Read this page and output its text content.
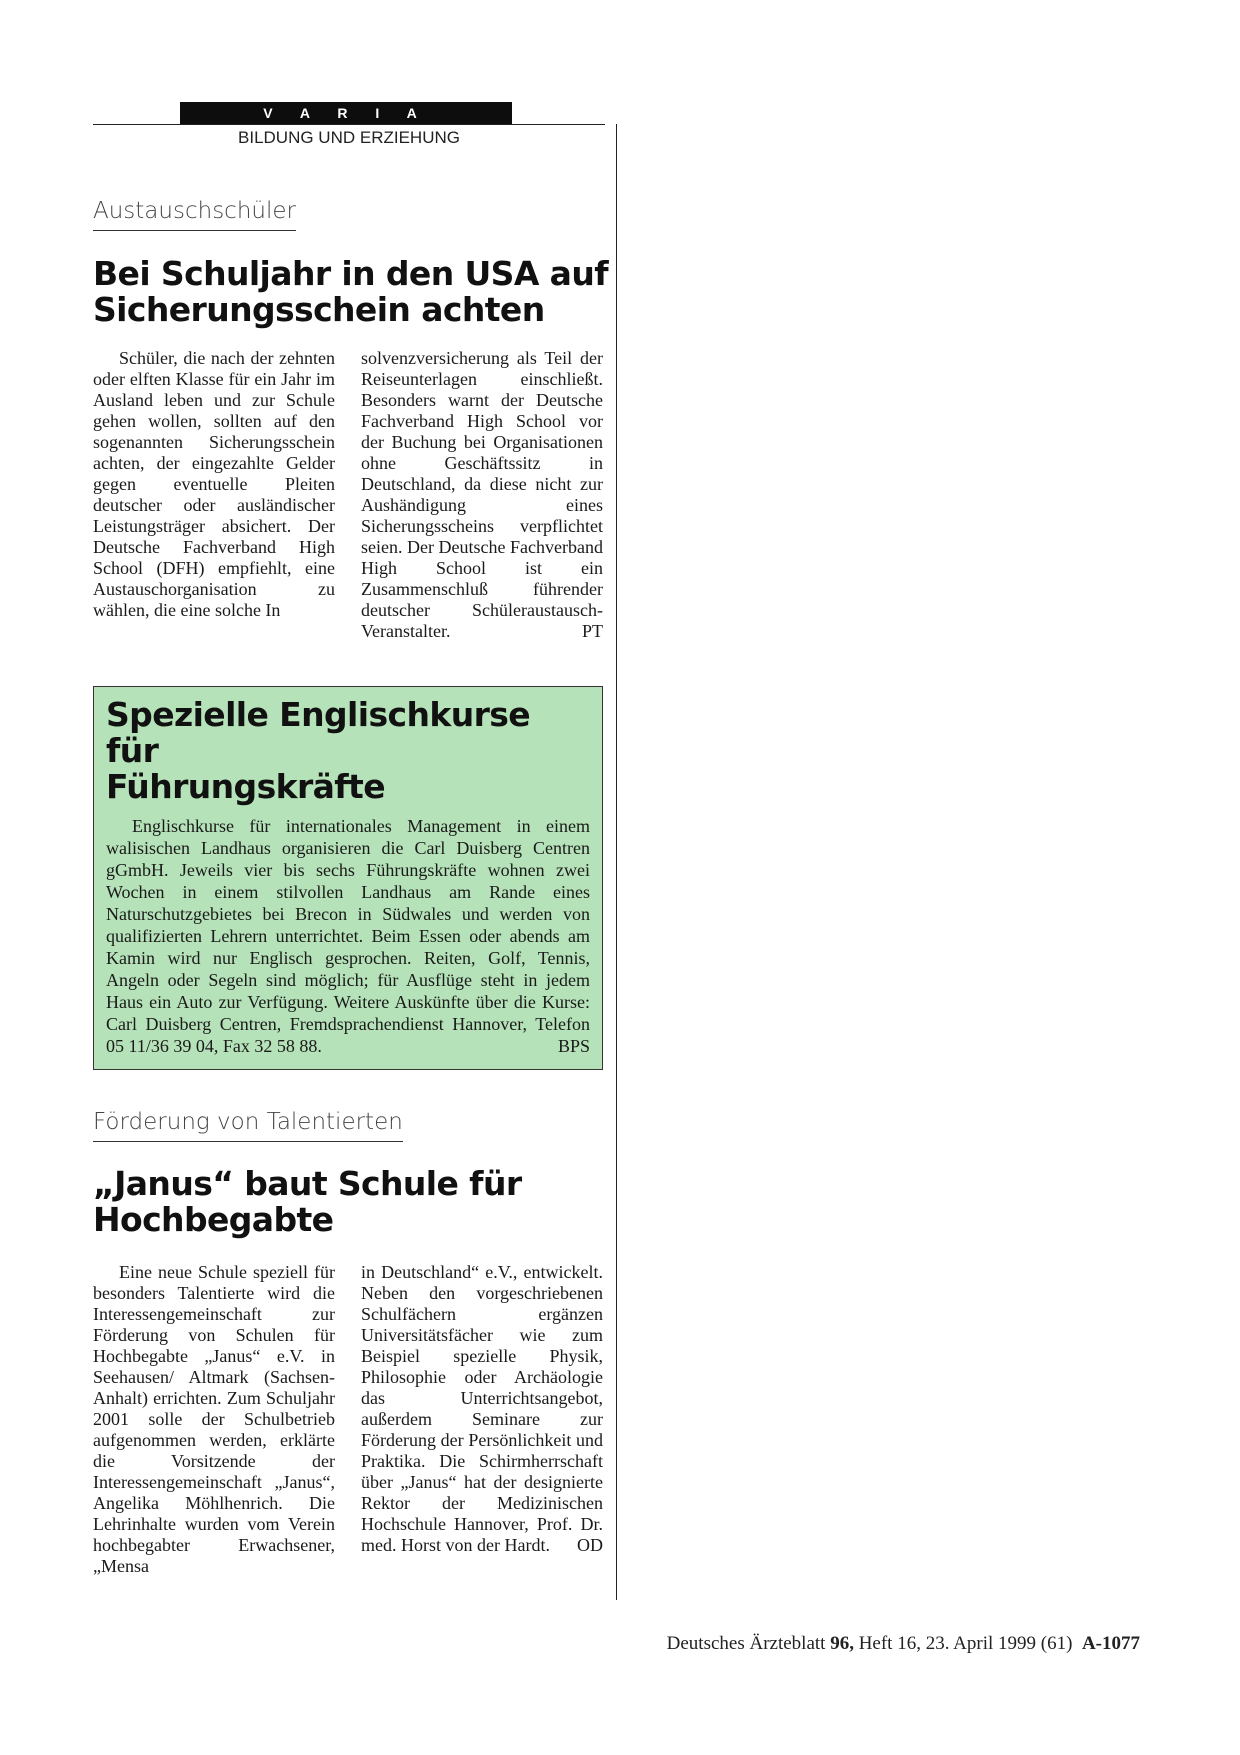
V A R I A
BILDUNG UND ERZIEHUNG
Austauschschüler
Bei Schuljahr in den USA auf
Sicherungsschein achten

Schüler, die nach der zehnten oder elften Klasse für ein Jahr im Ausland leben und zur Schule gehen wollen, sollten auf den sogenannten Sicherungsschein achten, der eingezahlte Gelder gegen eventuelle Pleiten deutscher oder ausländischer Leistungsträger absichert. Der Deutsche Fachverband High School (DFH) empfiehlt, eine Austauschorganisation zu wählen, die eine solche In

solvenzversicherung als Teil der Reiseunterlagen einschließt. Besonders warnt der Deutsche Fachverband High School vor der Buchung bei Organisationen ohne Geschäftssitz in Deutschland, da diese nicht zur Aushändigung eines Sicherungsscheins verpflichtet seien. Der Deutsche Fachverband High School ist ein Zusammenschluß führender deutscher Schüleraustausch-Veranstalter.	PT

Spezielle Englischkurse für
Führungskräfte

Englischkurse für internationales Management in einem walisischen Landhaus organisieren die Carl Duisberg Centren gGmbH. Jeweils vier bis sechs Führungskräfte wohnen zwei Wochen in einem stilvollen Landhaus am Rande eines Naturschutzgebietes bei Brecon in Südwales und werden von qualifizierten Lehrern unterrichtet. Beim Essen oder abends am Kamin wird nur Englisch gesprochen. Reiten, Golf, Tennis, Angeln oder Segeln sind möglich; für Ausflüge steht in jedem Haus ein Auto zur Verfügung. Weitere Auskünfte über die Kurse: Carl Duisberg Centren, Fremdsprachendienst Hannover, Telefon 05 11/36 39 04, Fax 32 58 88.	BPS

Förderung von Talentierten
„Janus“ baut Schule für
Hochbegabte

Eine neue Schule speziell für besonders Talentierte wird die Interessengemeinschaft zur Förderung von Schulen für Hochbegabte „Janus“ e.V. in Seehausen/ Altmark (Sachsen-Anhalt) errichten. Zum Schuljahr 2001 solle der Schulbetrieb aufgenommen werden, erklärte die Vorsitzende der Interessengemeinschaft „Janus“, Angelika Möhlhenrich. Die Lehrinhalte wurden vom Verein hochbegabter Erwachsener, „Mensa

in Deutschland“ e.V., entwickelt. Neben den vorgeschriebenen Schulfächern ergänzen Universitätsfächer wie zum Beispiel spezielle Physik, Philosophie oder Archäologie das Unterrichtsangebot, außerdem Seminare zur Förderung der Persönlichkeit und Praktika. Die Schirmherrschaft über „Janus“ hat der designierte Rektor der Medizinischen Hochschule Hannover, Prof. Dr. med. Horst von der Hardt. OD

Deutsches Ärzteblatt 96, Heft 16, 23. April 1999 (61) A-1077
